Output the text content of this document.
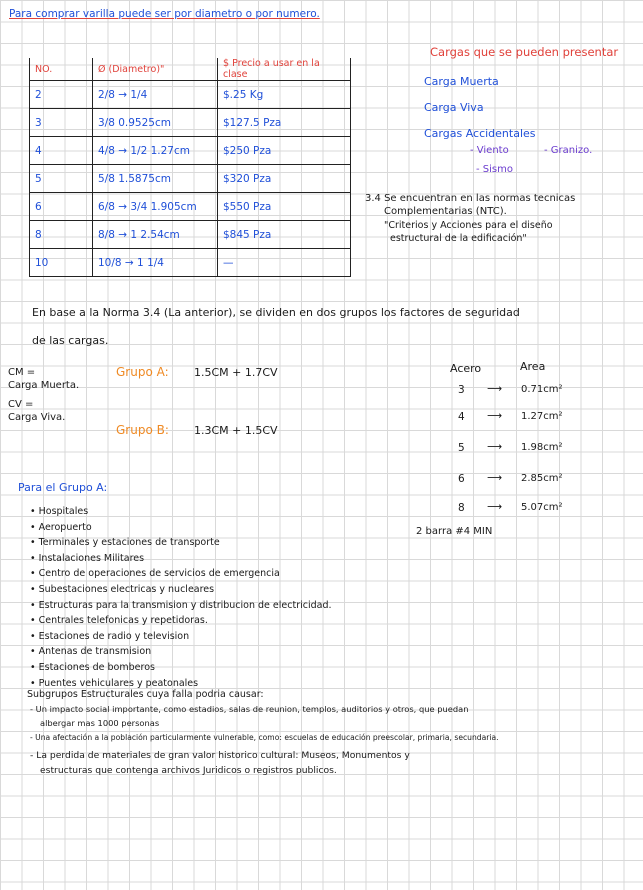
Para comprar varilla puede ser por diametro o por numero.
NO.	Ø (Diametro)"	$ Precio a usar en la clase
2	2/8 → 1/4	$.25 Kg
3	3/8 0.9525cm	$127.5 Pza
4	4/8 → 1/2 1.27cm	$250 Pza
5	5/8 1.5875cm	$320 Pza
6	6/8 → 3/4 1.905cm	$550 Pza
8	8/8 → 1 2.54cm	$845 Pza
10	10/8 → 1 1/4	—
Cargas que se pueden presentar
Carga Muerta
Carga Viva
Cargas Accidentales
- Viento	- Granizo.
- Sismo
3.4 Se encuentran en las normas tecnicas
Complementarias (NTC).
"Criterios y Acciones para el diseño
estructural de la edificación"
En base a la Norma 3.4 (La anterior), se dividen en dos grupos los factores de seguridad
de las cargas.
CM =
Carga Muerta.
CV =
Carga Viva.
Grupo A: 1.5CM + 1.7CV
Grupo B: 1.3CM + 1.5CV
Acero	Area
3 ⟶ 0.71cm²
4 ⟶ 1.27cm²
5 ⟶ 1.98cm²
6 ⟶ 2.85cm²
8 ⟶ 5.07cm²
2 barra #4 MIN
Para el Grupo A:
• Hospitales
• Aeropuerto
• Terminales y estaciones de transporte
• Instalaciones Militares
• Centro de operaciones de servicios de emergencia
• Subestaciones electricas y nucleares
• Estructuras para la transmision y distribucion de electricidad.
• Centrales telefonicas y repetidoras.
• Estaciones de radio y television
• Antenas de transmision
• Estaciones de bomberos
• Puentes vehiculares y peatonales
Subgrupos Estructurales cuya falla podria causar:
- Un impacto social importante, como estadios, salas de reunion, templos, auditorios y otros, que puedan
albergar mas 1000 personas
- Una afectación a la población particularmente vulnerable, como: escuelas de educación preescolar, primaria, secundaria.
- La perdida de materiales de gran valor historico cultural: Museos, Monumentos y
estructuras que contenga archivos Juridicos o registros publicos.
